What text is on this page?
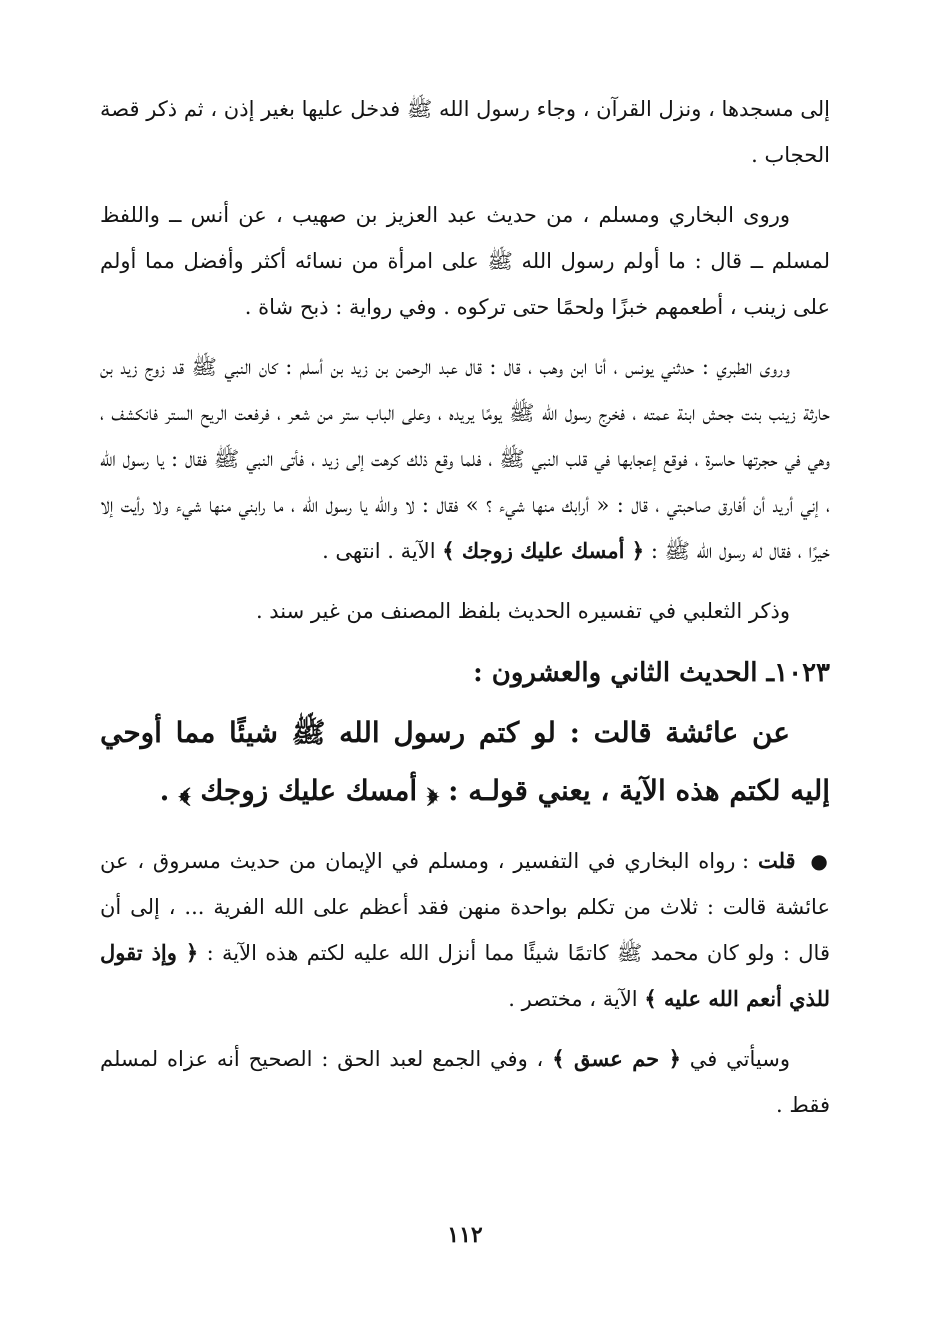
إلى مسجدها ، ونزل القرآن ، وجاء رسول الله ﷺ فدخل عليها بغير إذن ، ثم ذكر قصة الحجاب .

وروى البخاري ومسلم ، من حديث عبد العزيز بن صهيب ، عن أنس ــ واللفظ لمسلم ــ قال : ما أولم رسول الله ﷺ على امرأة من نسائه أكثر وأفضل مما أولم على زينب ، أطعمهم خبزًا ولحمًا حتى تركوه . وفي رواية : ذبح شاة .

وروى الطبري : حدثني يونس ، أنا ابن وهب ، قال : قال عبد الرحمن بن زيد بن أسلم : كان النبي ﷺ قد زوج زيد بن حارثة زينب بنت جحش ابنة عمته ، فخرج رسول الله ﷺ يومًا يريده ، وعلى الباب ستر من شعر ، فرفعت الريح الستر فانكشف ، وهي في حجرتها حاسرة ، فوقع إعجابها في قلب النبي ﷺ ، فلما وقع ذلك كرهت إلى زيد ، فأتى النبي ﷺ فقال : يا رسول الله ، إني أريد أن أفارق صاحبتي ، قال : « أرابك منها شيء ؟ » فقال : لا والله يا رسول الله ، ما رابني منها شيء ولا رأيت إلا خيرًا ، فقال له رسول الله ﷺ : ﴿ أمسك عليك زوجك ﴾ الآية . انتهى .

وذكر الثعلبي في تفسيره الحديث بلفظ المصنف من غير سند .

١٠٢٣ـ الحديث الثاني والعشرون :

عن عائشة قالت : لو كتم رسول الله ﷺ شيئًا مما أوحي إليه لكتم هذه الآية ، يعني قولـه : ﴿ أمسك عليك زوجك ﴾ .

● قلت : رواه البخاري في التفسير ، ومسلم في الإيمان من حديث مسروق ، عن عائشة قالت : ثلاث من تكلم بواحدة منهن فقد أعظم على الله الفرية ... ، إلى أن قال : ولو كان محمد ﷺ كاتمًا شيئًا مما أنزل الله عليه لكتم هذه الآية : ﴿ وإذ تقول للذي أنعم الله عليه ﴾ الآية ، مختصر .

وسيأتي في ﴿ حم عسق ﴾ ، وفي الجمع لعبد الحق : الصحيح أنه عزاه لمسلم فقط .

١١٢
